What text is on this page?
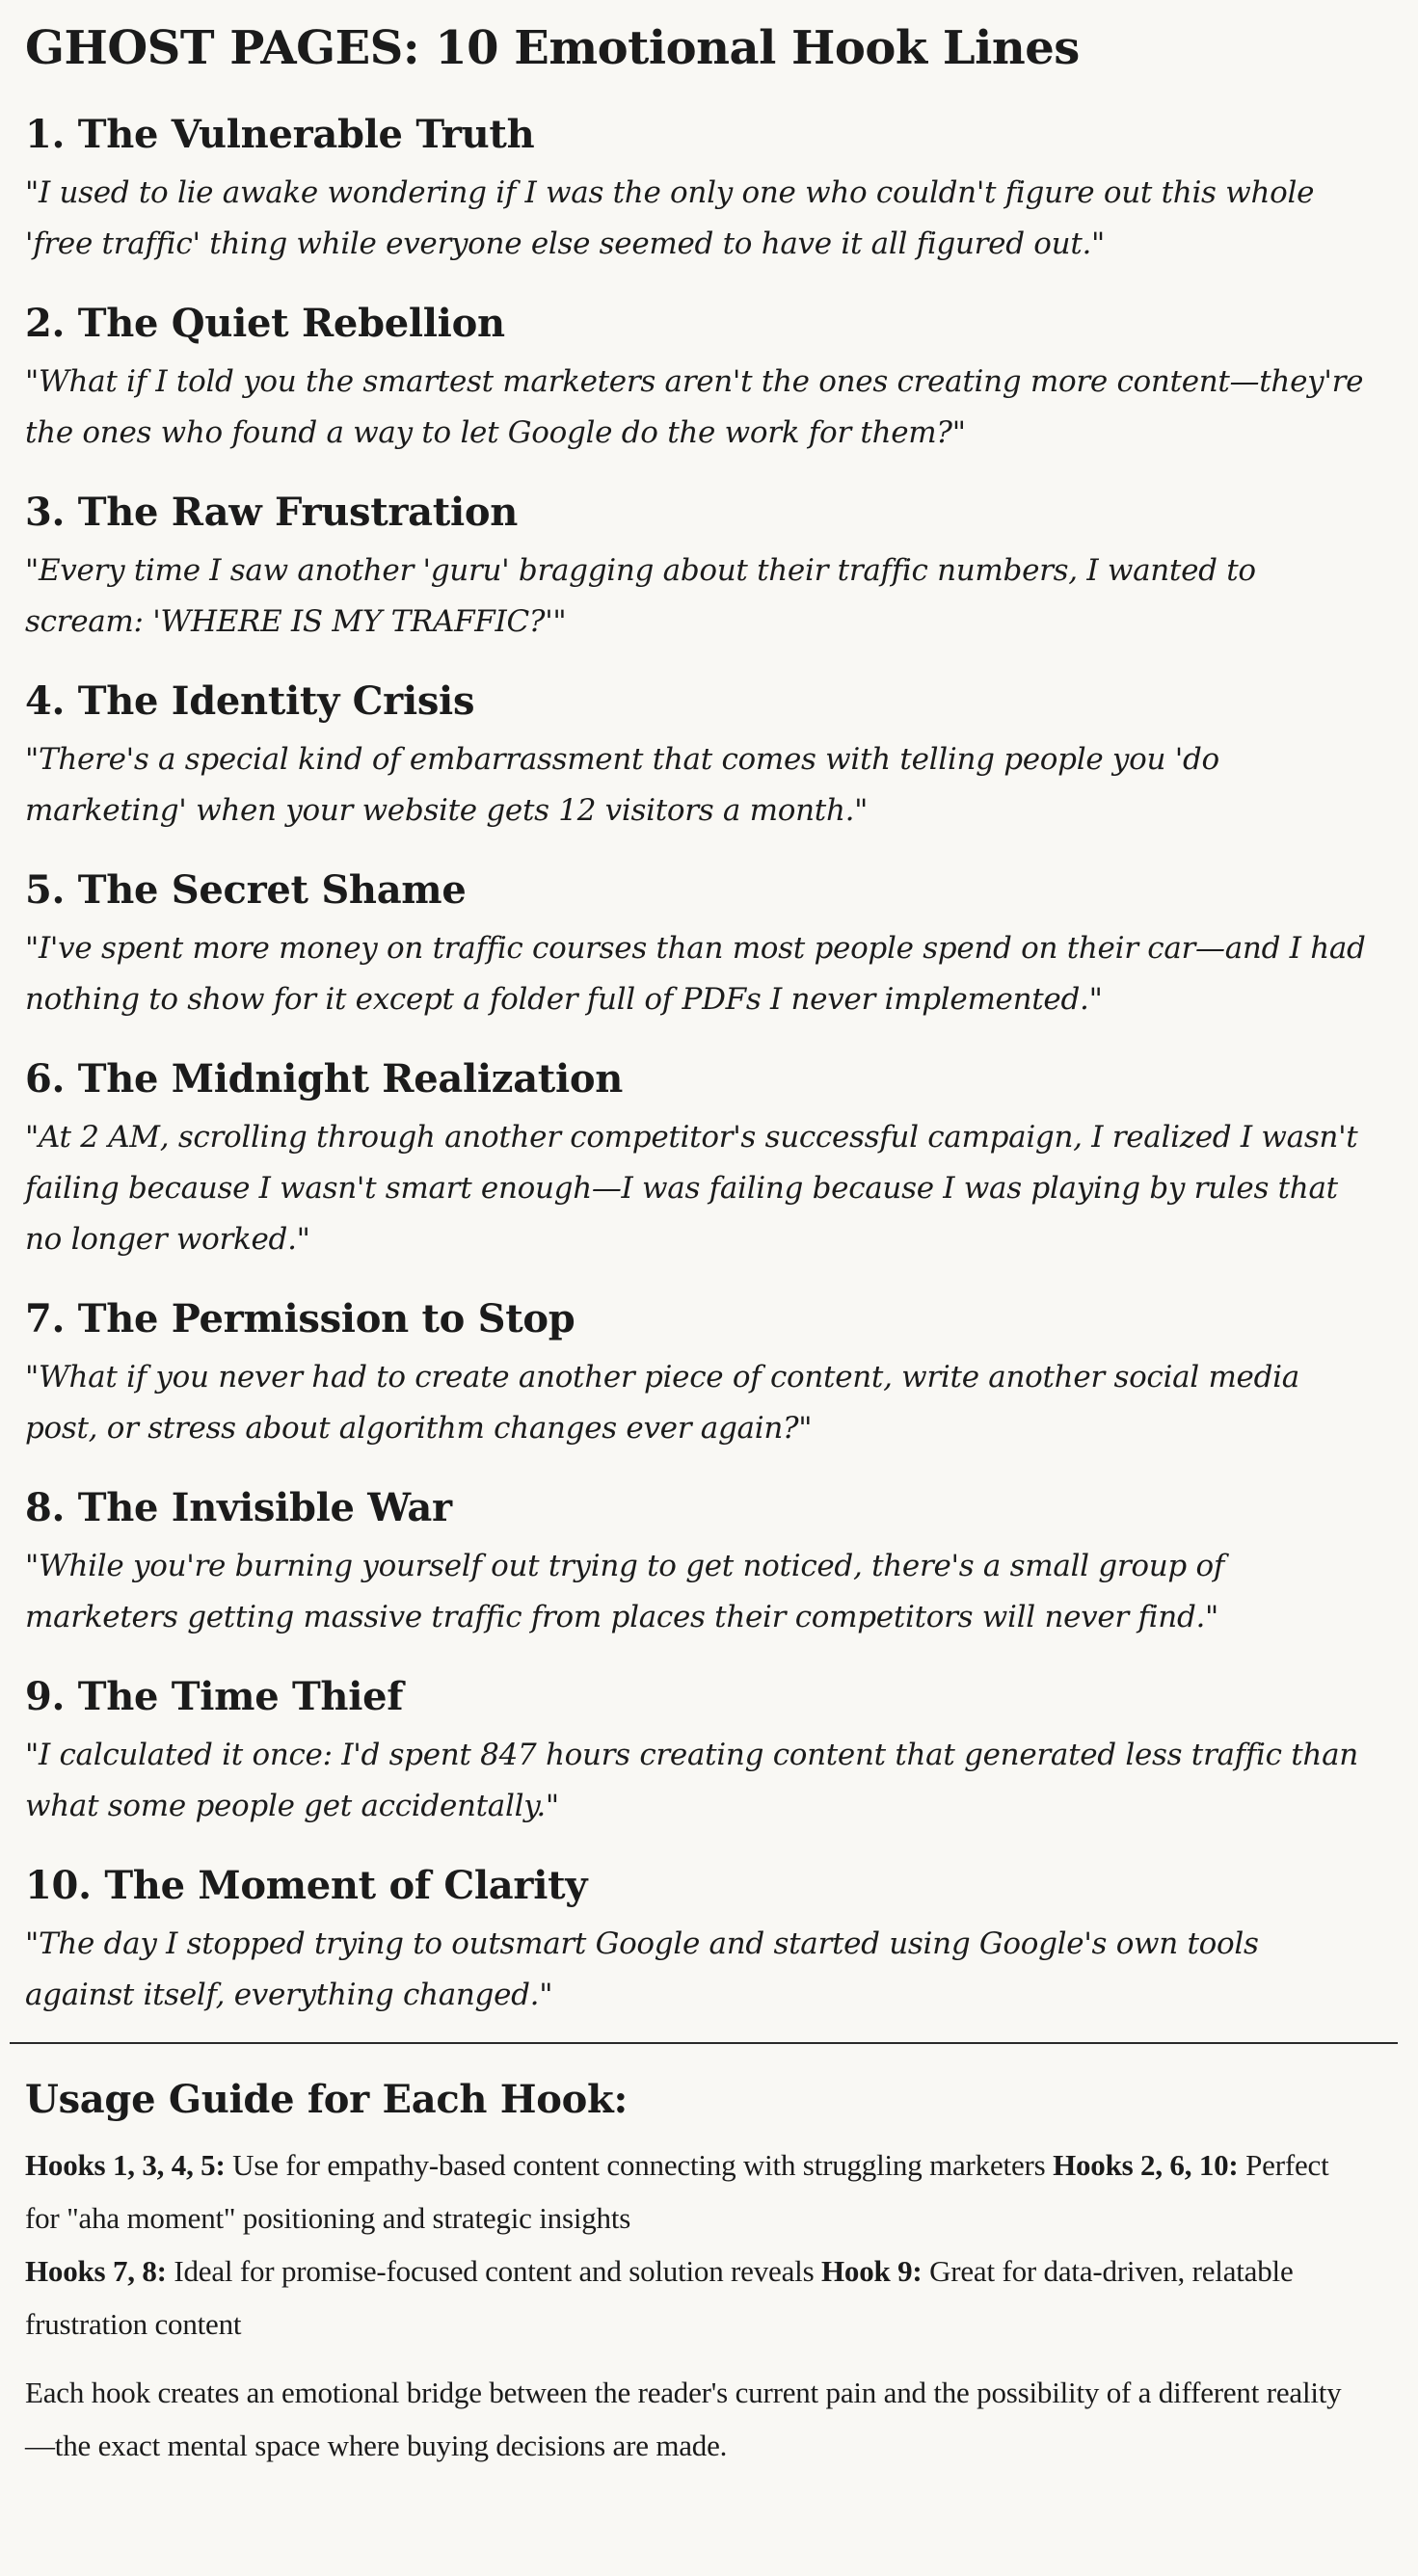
GHOST PAGES: 10 Emotional Hook Lines
1. The Vulnerable Truth

"I used to lie awake wondering if I was the only one who couldn't figure out this whole 'free traffic' thing while everyone else seemed to have it all figured out."

2. The Quiet Rebellion

"What if I told you the smartest marketers aren't the ones creating more content—they're the ones who found a way to let Google do the work for them?"

3. The Raw Frustration

"Every time I saw another 'guru' bragging about their traffic numbers, I wanted to scream: 'WHERE IS MY TRAFFIC?'"

4. The Identity Crisis

"There's a special kind of embarrassment that comes with telling people you 'do marketing' when your website gets 12 visitors a month."

5. The Secret Shame

"I've spent more money on traffic courses than most people spend on their car—and I had nothing to show for it except a folder full of PDFs I never implemented."

6. The Midnight Realization

"At 2 AM, scrolling through another competitor's successful campaign, I realized I wasn't failing because I wasn't smart enough—I was failing because I was playing by rules that no longer worked."

7. The Permission to Stop

"What if you never had to create another piece of content, write another social media post, or stress about algorithm changes ever again?"

8. The Invisible War

"While you're burning yourself out trying to get noticed, there's a small group of marketers getting massive traffic from places their competitors will never find."

9. The Time Thief

"I calculated it once: I'd spent 847 hours creating content that generated less traffic than what some people get accidentally."

10. The Moment of Clarity

"The day I stopped trying to outsmart Google and started using Google's own tools against itself, everything changed."

Usage Guide for Each Hook:

Hooks 1, 3, 4, 5: Use for empathy-based content connecting with struggling marketers Hooks 2, 6, 10: Perfect for "aha moment" positioning and strategic insights

Hooks 7, 8: Ideal for promise-focused content and solution reveals Hook 9: Great for data-driven, relatable frustration content

Each hook creates an emotional bridge between the reader's current pain and the possibility of a different reality—the exact mental space where buying decisions are made.
